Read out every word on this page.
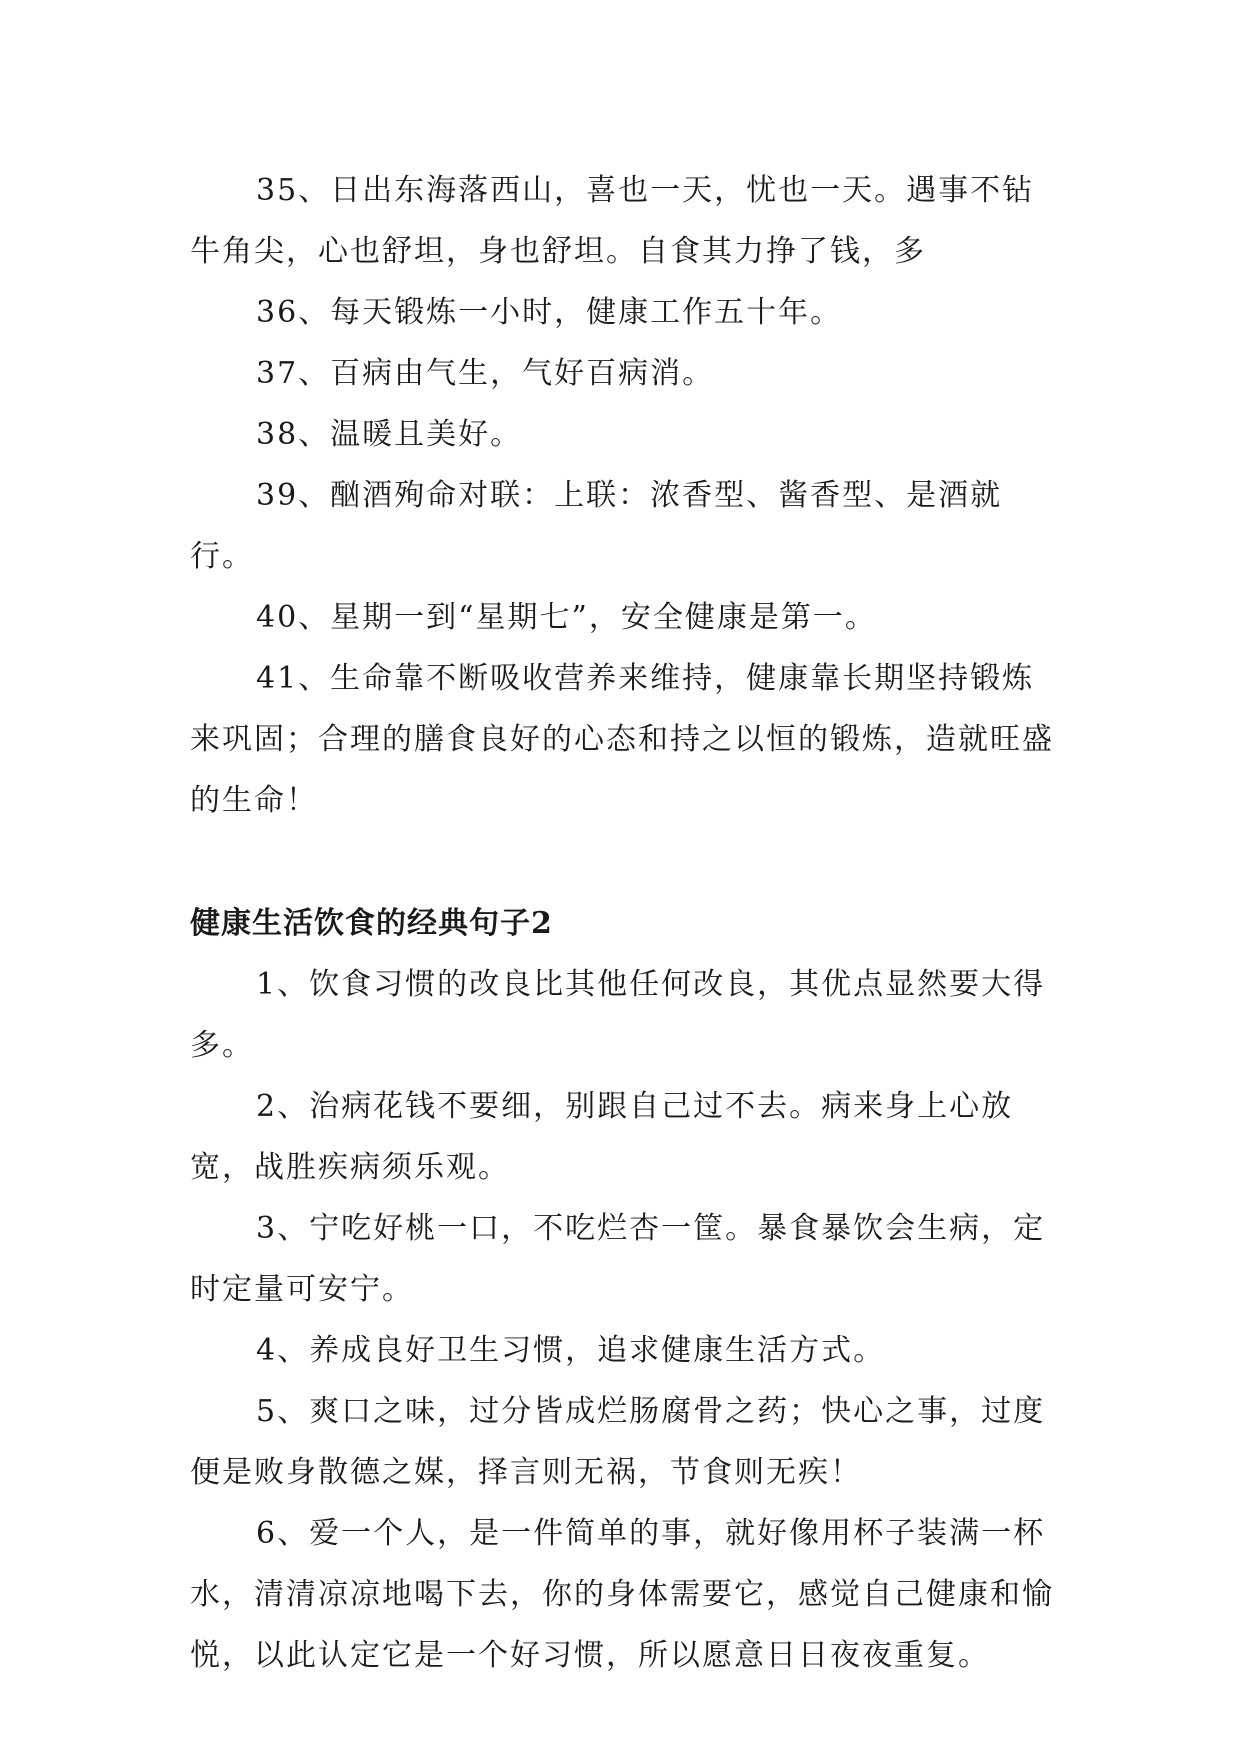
35、日出东海落西山，喜也一天，忧也一天。遇事不钻牛角尖，心也舒坦，身也舒坦。自食其力挣了钱，多

36、每天锻炼一小时，健康工作五十年。

37、百病由气生，气好百病消。

38、温暖且美好。

39、酗酒殉命对联：上联：浓香型、酱香型、是酒就行。

40、星期一到“星期七”，安全健康是第一。

41、生命靠不断吸收营养来维持，健康靠长期坚持锻炼来巩固；合理的膳食良好的心态和持之以恒的锻炼，造就旺盛的生命！

健康生活饮食的经典句子2

1、饮食习惯的改良比其他任何改良，其优点显然要大得多。

2、治病花钱不要细，别跟自己过不去。病来身上心放宽，战胜疾病须乐观。

3、宁吃好桃一口，不吃烂杏一筐。暴食暴饮会生病，定时定量可安宁。

4、养成良好卫生习惯，追求健康生活方式。

5、爽口之味，过分皆成烂肠腐骨之药；快心之事，过度便是败身散德之媒，择言则无祸，节食则无疾！

6、爱一个人，是一件简单的事，就好像用杯子装满一杯水，清清凉凉地喝下去，你的身体需要它，感觉自己健康和愉悦，以此认定它是一个好习惯，所以愿意日日夜夜重复。
